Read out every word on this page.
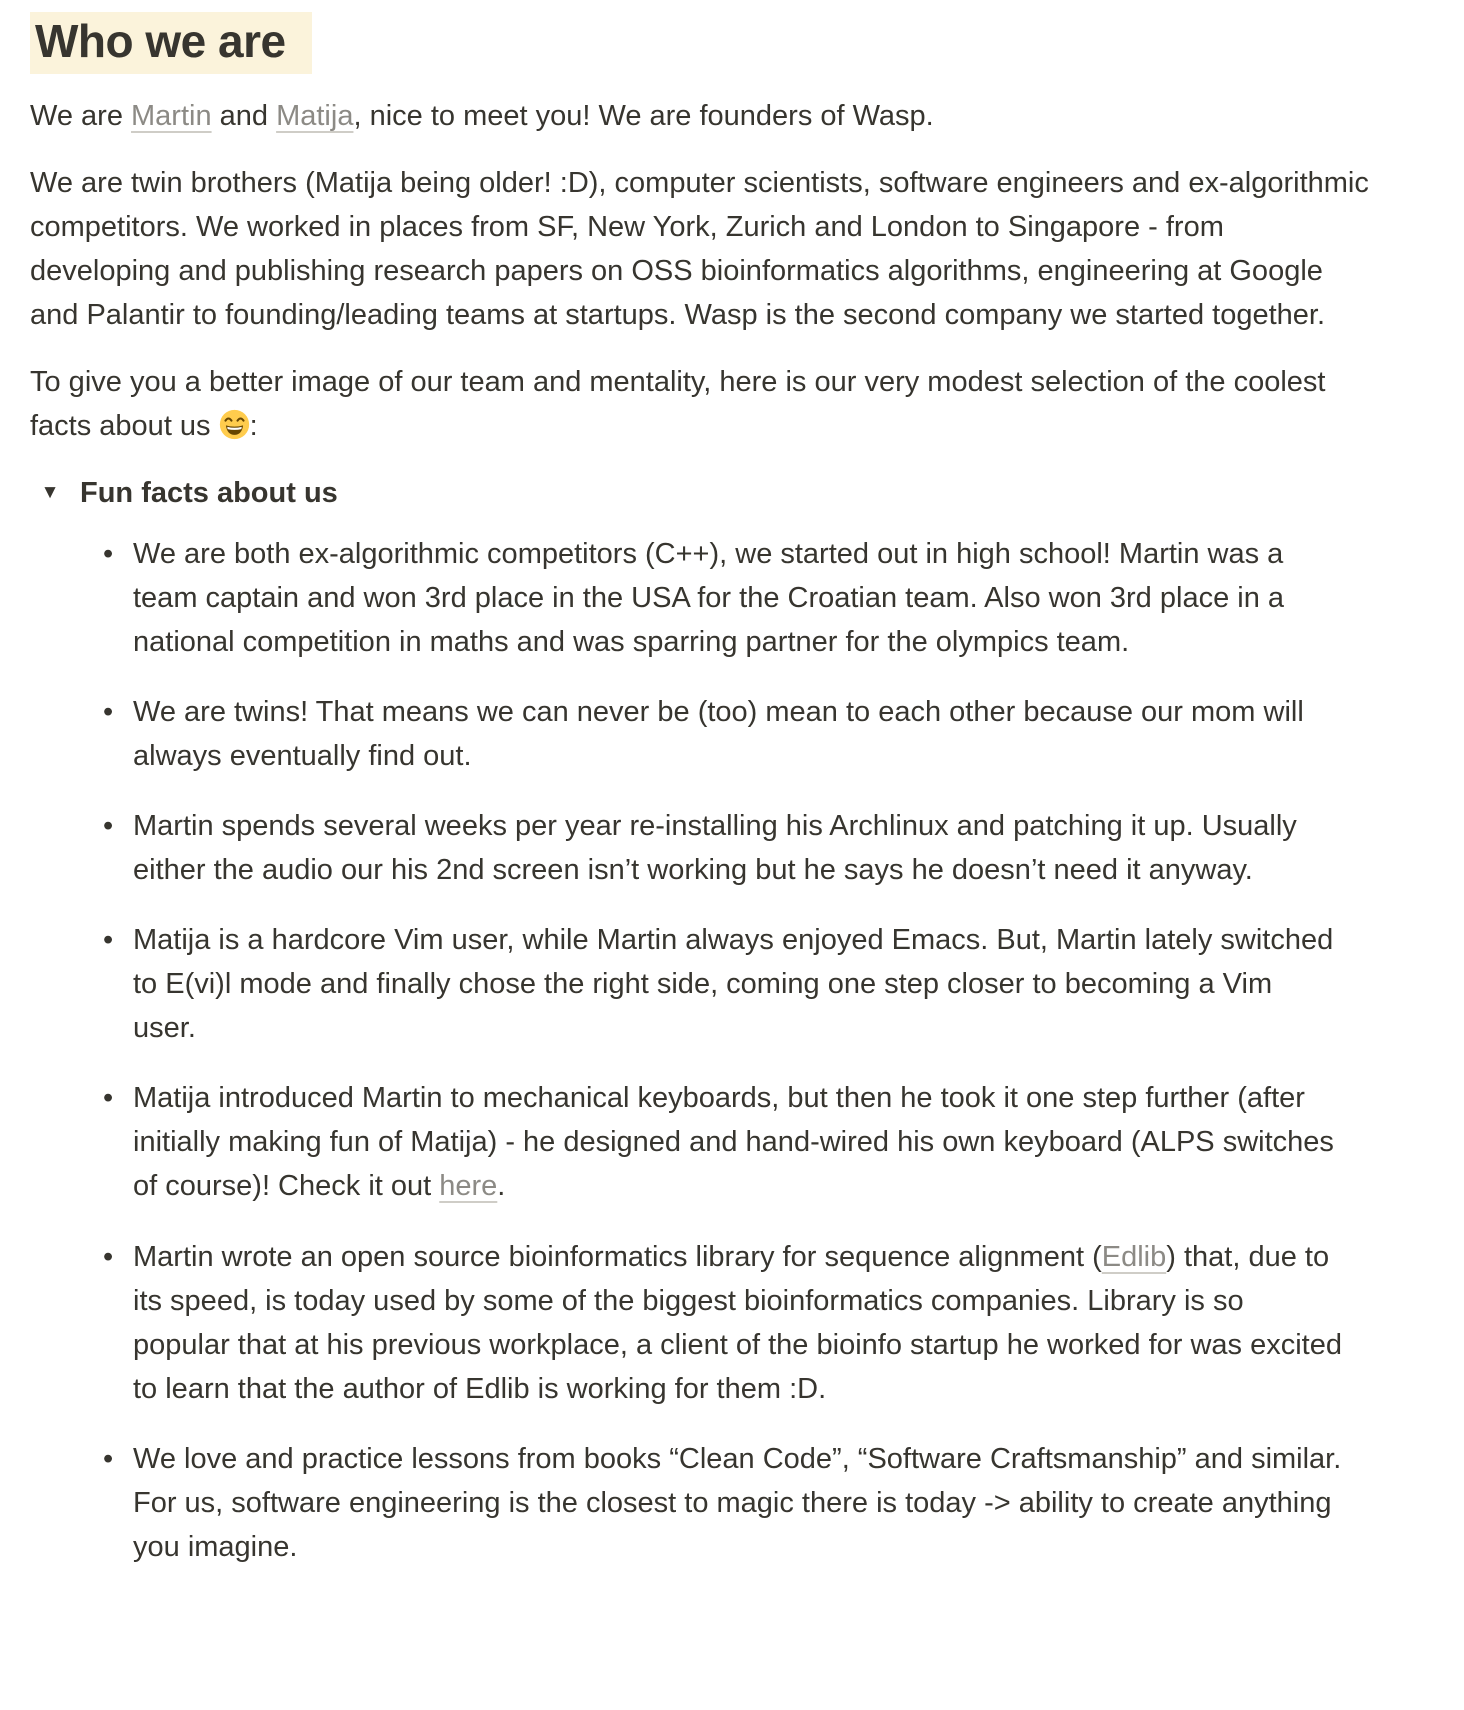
Who we are

We are Martin and Matija, nice to meet you! We are founders of Wasp.

We are twin brothers (Matija being older! :D), computer scientists, software engineers and ex-algorithmic competitors. We worked in places from SF, New York, Zurich and London to Singapore - from developing and publishing research papers on OSS bioinformatics algorithms, engineering at Google and Palantir to founding/leading teams at startups. Wasp is the second company we started together.

To give you a better image of our team and mentality, here is our very modest selection of the coolest facts about us :

▼ Fun facts about us
• We are both ex-algorithmic competitors (C++), we started out in high school! Martin was a team captain and won 3rd place in the USA for the Croatian team. Also won 3rd place in a national competition in maths and was sparring partner for the olympics team.
• We are twins! That means we can never be (too) mean to each other because our mom will always eventually find out.
• Martin spends several weeks per year re-installing his Archlinux and patching it up. Usually either the audio our his 2nd screen isn’t working but he says he doesn’t need it anyway.
• Matija is a hardcore Vim user, while Martin always enjoyed Emacs. But, Martin lately switched to E(vi)l mode and finally chose the right side, coming one step closer to becoming a Vim user.
• Matija introduced Martin to mechanical keyboards, but then he took it one step further (after initially making fun of Matija) - he designed and hand-wired his own keyboard (ALPS switches of course)! Check it out here.
• Martin wrote an open source bioinformatics library for sequence alignment (Edlib) that, due to its speed, is today used by some of the biggest bioinformatics companies. Library is so popular that at his previous workplace, a client of the bioinfo startup he worked for was excited to learn that the author of Edlib is working for them :D.
• We love and practice lessons from books “Clean Code”, “Software Craftsmanship” and similar. For us, software engineering is the closest to magic there is today -> ability to create anything you imagine.
